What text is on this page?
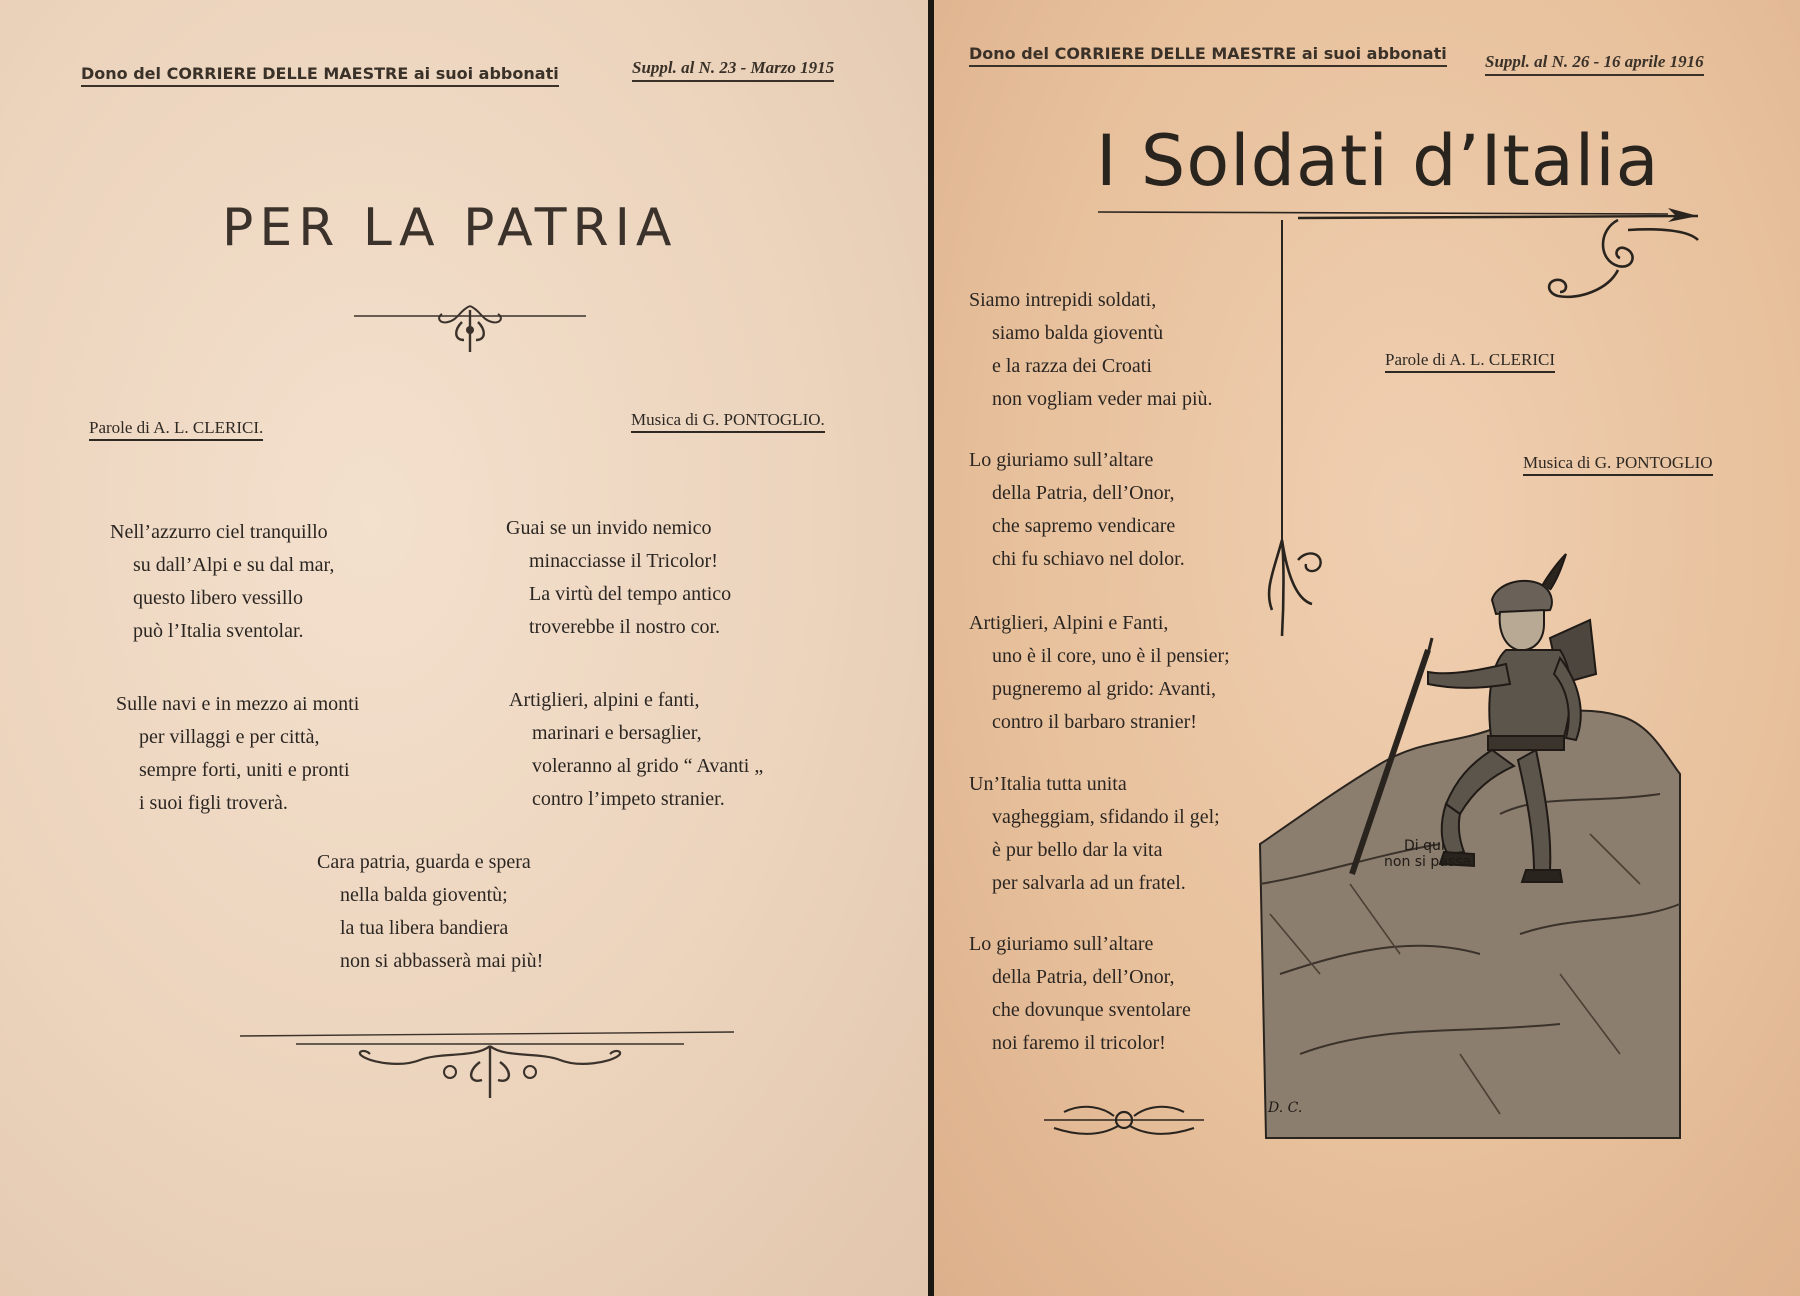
Dono del CORRIERE DELLE MAESTRE ai suoi abbonati	Suppl. al N. 23 - Marzo 1915
PER LA PATRIA
Parole di A. L. CLERICI.	Musica di G. PONTOGLIO.
Nell’azzurro ciel tranquillo
su dall’Alpi e su dal mar,
questo libero vessillo
può l’Italia sventolar.
Guai se un invido nemico
minacciasse il Tricolor!
La virtù del tempo antico
troverebbe il nostro cor.
Sulle navi e in mezzo ai monti
per villaggi e per città,
sempre forti, uniti e pronti
i suoi figli troverà.
Artiglieri, alpini e fanti,
marinari e bersaglier,
voleranno al grido “ Avanti „
contro l’impeto stranier.
Cara patria, guarda e spera
nella balda gioventù;
la tua libera bandiera
non si abbasserà mai più!
Dono del CORRIERE DELLE MAESTRE ai suoi abbonati Suppl. al N. 26 - 16 aprile 1916
I Soldati d’Italia
Parole di A. L. CLERICI
Musica di G. PONTOGLIO
Siamo intrepidi soldati,
siamo balda gioventù
e la razza dei Croati
non vogliam veder mai più.
Lo giuriamo sull’altare
della Patria, dell’Onor,
che sapremo vendicare
chi fu schiavo nel dolor.
Artiglieri, Alpini e Fanti,
uno è il core, uno è il pensier;
pugneremo al grido: Avanti,
contro il barbaro stranier!
Un’Italia tutta unita
vagheggiam, sfidando il gel;
è pur bello dar la vita
per salvarla ad un fratel.
Lo giuriamo sull’altare
della Patria, dell’Onor,
che dovunque sventolare
noi faremo il tricolor!
Di qui
non si passa!
D. C.
